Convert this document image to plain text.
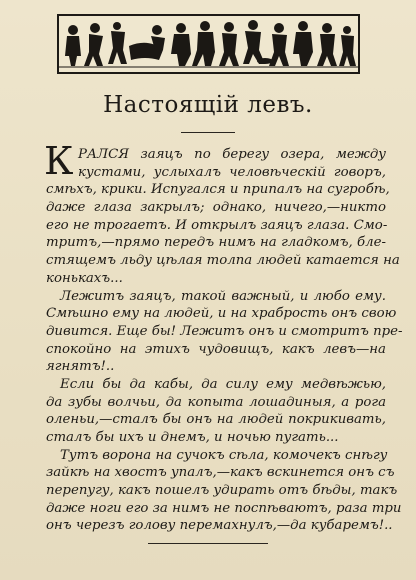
Настоящій левъ.
К РАЛСЯ заяцъ по берегу озера, между
кустами, услыхалъ человѣческій говоръ,
смѣхъ, крики. Испугался и припалъ на сугробѣ,
даже глаза закрылъ; однако, ничего,—никто
его не трогаетъ. И открылъ заяцъ глаза. Смо-
тритъ,—прямо передъ нимъ на гладкомъ, бле-
стящемъ льду цѣлая толпа людей катается на
конькахъ...
Лежитъ заяцъ, такой важный, и любо ему.
Смѣшно ему на людей, и на храбрость онъ свою
дивится. Еще бы! Лежитъ онъ и смотритъ пре-
спокойно на этихъ чудовищъ, какъ левъ—на
ягнятъ!..
Если бы да кабы, да силу ему медвѣжью,
да зубы волчьи, да копыта лошадиныя, а рога
оленьи,—сталъ бы онъ на людей покрикивать,
сталъ бы ихъ и днемъ, и ночью пугать...
Тутъ ворона на сучокъ сѣла, комочекъ снѣгу
зайкѣ на хвостъ упалъ,—какъ вскинется онъ съ
перепугу, какъ пошелъ удирать отъ бѣды, такъ
даже ноги его за нимъ не поспѣваютъ, раза три
онъ черезъ голову перемахнулъ,—да кубаремъ!..
